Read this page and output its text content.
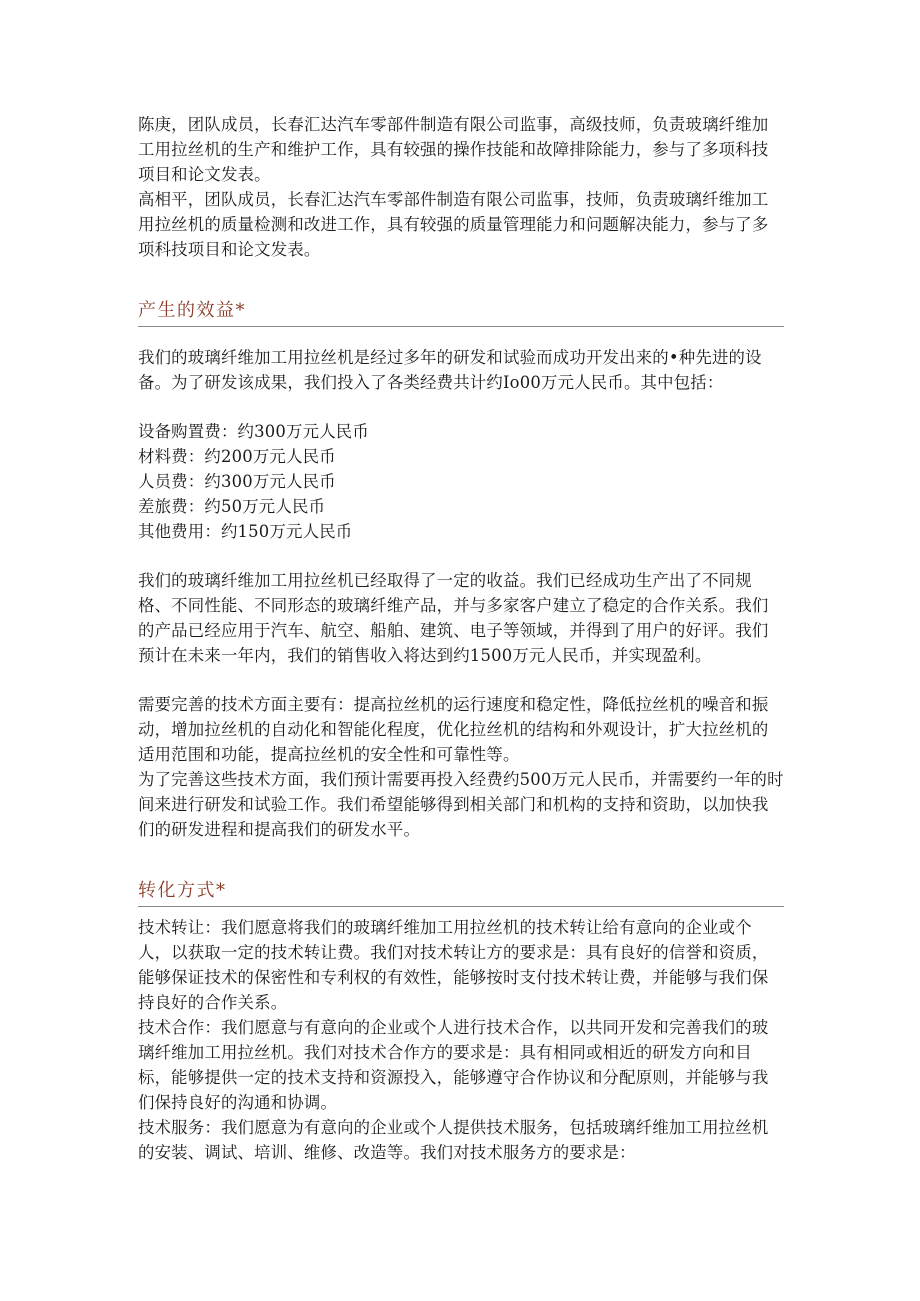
陈庚，团队成员，长春汇达汽车零部件制造有限公司监事，高级技师，负责玻璃纤维加工用拉丝机的生产和维护工作，具有较强的操作技能和故障排除能力，参与了多项科技项目和论文发表。

高相平，团队成员，长春汇达汽车零部件制造有限公司监事，技师，负责玻璃纤维加工用拉丝机的质量检测和改进工作，具有较强的质量管理能力和问题解决能力，参与了多项科技项目和论文发表。

产生的效益*

我们的玻璃纤维加工用拉丝机是经过多年的研发和试验而成功开发出来的•种先进的设备。为了研发该成果，我们投入了各类经费共计约Io00万元人民币。其中包括：

设备购置费：约300万元人民币

材料费：约200万元人民币

人员费：约300万元人民币

差旅费：约50万元人民币

其他费用：约150万元人民币

我们的玻璃纤维加工用拉丝机已经取得了一定的收益。我们已经成功生产出了不同规格、不同性能、不同形态的玻璃纤维产品，并与多家客户建立了稳定的合作关系。我们的产品已经应用于汽车、航空、船舶、建筑、电子等领域，并得到了用户的好评。我们预计在未来一年内，我们的销售收入将达到约1500万元人民币，并实现盈利。

需要完善的技术方面主要有：提高拉丝机的运行速度和稳定性，降低拉丝机的噪音和振动，增加拉丝机的自动化和智能化程度，优化拉丝机的结构和外观设计，扩大拉丝机的适用范围和功能，提高拉丝机的安全性和可靠性等。

为了完善这些技术方面，我们预计需要再投入经费约500万元人民币，并需要约一年的时间来进行研发和试验工作。我们希望能够得到相关部门和机构的支持和资助，以加快我们的研发进程和提高我们的研发水平。

转化方式*

技术转让：我们愿意将我们的玻璃纤维加工用拉丝机的技术转让给有意向的企业或个人，以获取一定的技术转让费。我们对技术转让方的要求是：具有良好的信誉和资质，能够保证技术的保密性和专利权的有效性，能够按时支付技术转让费，并能够与我们保持良好的合作关系。

技术合作：我们愿意与有意向的企业或个人进行技术合作，以共同开发和完善我们的玻璃纤维加工用拉丝机。我们对技术合作方的要求是：具有相同或相近的研发方向和目标，能够提供一定的技术支持和资源投入，能够遵守合作协议和分配原则，并能够与我们保持良好的沟通和协调。

技术服务：我们愿意为有意向的企业或个人提供技术服务，包括玻璃纤维加工用拉丝机的安装、调试、培训、维修、改造等。我们对技术服务方的要求是：
